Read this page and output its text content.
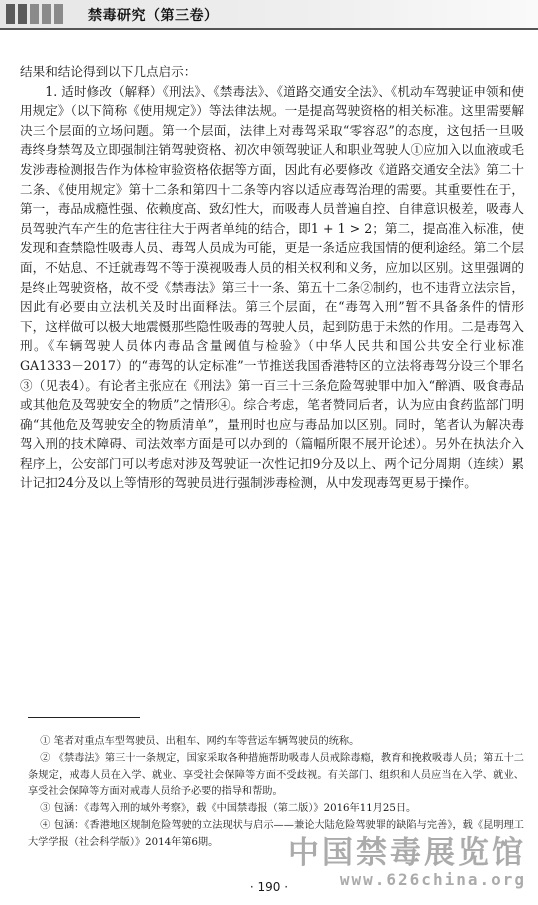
禁毒研究（第三卷）

结果和结论得到以下几点启示：

1. 适时修改（解释）《刑法》、《禁毒法》、《道路交通安全法》、《机动车驾驶证申领和使用规定》（以下简称《使用规定》）等法律法规。一是提高驾驶资格的相关标准。这里需要解决三个层面的立场问题。第一个层面，法律上对毒驾采取“零容忍”的态度，这包括一旦吸毒终身禁驾及立即强制注销驾驶资格、初次申领驾驶证人和职业驾驶人①应加入以血液或毛发涉毒检测报告作为体检审验资格依据等方面，因此有必要修改《道路交通安全法》第二十二条、《使用规定》第十二条和第四十二条等内容以适应毒驾治理的需要。其重要性在于，第一，毒品成瘾性强、依赖度高、致幻性大，而吸毒人员普遍自控、自律意识极差，吸毒人员驾驶汽车产生的危害往往大于两者单纯的结合，即1 + 1 > 2；第二，提高准入标准，使发现和查禁隐性吸毒人员、毒驾人员成为可能，更是一条适应我国情的便利途经。第二个层面，不姑息、不迁就毒驾不等于漠视吸毒人员的相关权利和义务，应加以区别。这里强调的是终止驾驶资格，故不受《禁毒法》第三十一条、第五十二条②制约，也不违背立法宗旨，因此有必要由立法机关及时出面释法。第三个层面，在“毒驾入刑”暂不具备条件的情形下，这样做可以极大地震慑那些隐性吸毒的驾驶人员，起到防患于未然的作用。二是毒驾入刑。《车辆驾驶人员体内毒品含量阈值与检验》（中华人民共和国公共安全行业标准GA1333－2017）的“毒驾的认定标准”一节推送我国香港特区的立法将毒驾分设三个罪名③（见表4）。有论者主张应在《刑法》第一百三十三条危险驾驶罪中加入“醉酒、吸食毒品或其他危及驾驶安全的物质”之情形④。综合考虑，笔者赞同后者，认为应由食药监部门明确“其他危及驾驶安全的物质清单”，量刑时也应与毒品加以区别。同时，笔者认为解决毒驾入刑的技术障碍、司法效率方面是可以办到的（篇幅所限不展开论述）。另外在执法介入程序上，公安部门可以考虑对涉及驾驶证一次性记扣9分及以上、两个记分周期（连续）累计记扣24分及以上等情形的驾驶员进行强制涉毒检测，从中发现毒驾更易于操作。

① 笔者对重点车型驾驶员、出租车、网约车等营运车辆驾驶员的统称。

② 《禁毒法》第三十一条规定，国家采取各种措施帮助吸毒人员戒除毒瘾，教育和挽救吸毒人员；第五十二条规定，戒毒人员在入学、就业、享受社会保障等方面不受歧视。有关部门、组织和人员应当在入学、就业、享受社会保障等方面对戒毒人员给予必要的指导和帮助。

③ 包涵：《毒驾入刑的域外考察》，载《中国禁毒报（第二版）》2016年11月25日。

④ 包涵：《香港地区规制危险驾驶的立法现状与启示——兼论大陆危险驾驶罪的缺陷与完善》，载《昆明理工大学学报（社会科学版）》2014年第6期。	中国禁毒展览馆
www.626china.org
· 190 ·
